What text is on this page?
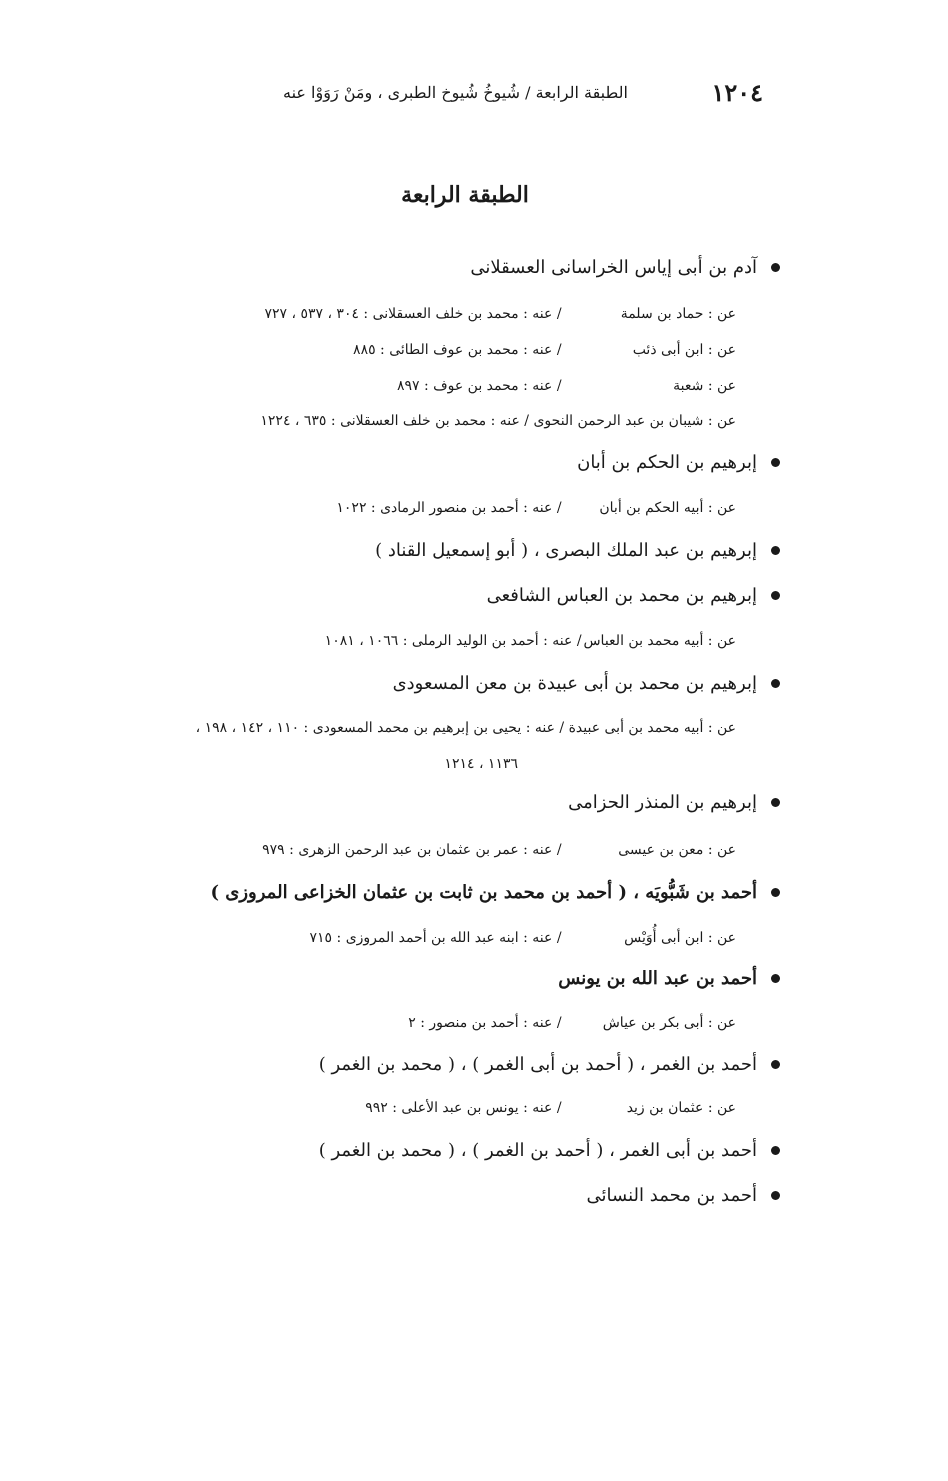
١٢٠٤
الطبقة الرابعة / شُيوخُ شُيوخ الطبرى ، ومَنْ رَوَوْا عنه
الطبقة الرابعة
آدم بن أبى إياس الخراسانى العسقلانى
عن : حماد بن سلمة / عنه : محمد بن خلف العسقلانى : ٣٠٤ ، ٥٣٧ ، ٧٢٧
عن : ابن أبى ذئب / عنه : محمد بن عوف الطائى : ٨٨٥
عن : شعبة / عنه : محمد بن عوف : ٨٩٧
عن : شيبان بن عبد الرحمن النحوى / عنه : محمد بن خلف العسقلانى : ٦٣٥ ، ١٢٢٤
إبرهيم بن الحكم بن أبان
عن : أبيه الحكم بن أبان / عنه : أحمد بن منصور الرمادى : ١٠٢٢
إبرهيم بن عبد الملك البصرى ، ( أبو إسمعيل القناد )
إبرهيم بن محمد بن العباس الشافعى
عن : أبيه محمد بن العباس / عنه : أحمد بن الوليد الرملى : ١٠٦٦ ، ١٠٨١
إبرهيم بن محمد بن أبى عبيدة بن معن المسعودى
عن : أبيه محمد بن أبى عبيدة / عنه : يحيى بن إبرهيم بن محمد المسعودى : ١١٠ ، ١٤٢ ، ١٩٨ ،
١١٣٦ ، ١٢١٤
إبرهيم بن المنذر الحزامى
عن : معن بن عيسى / عنه : عمر بن عثمان بن عبد الرحمن الزهرى : ٩٧٩
أحمد بن شَبُّويَه ، ( أحمد بن محمد بن ثابت بن عثمان الخزاعى المروزى )
عن : ابن أبى أُوَيْس / عنه : ابنه عبد الله بن أحمد المروزى : ٧١٥
أحمد بن عبد الله بن يونس
عن : أبى بكر بن عياش / عنه : أحمد بن منصور : ٢
أحمد بن الغمر ، ( أحمد بن أبى الغمر ) ، ( محمد بن الغمر )
عن : عثمان بن زيد / عنه : يونس بن عبد الأعلى : ٩٩٢
أحمد بن أبى الغمر ، ( أحمد بن الغمر ) ، ( محمد بن الغمر )
أحمد بن محمد النسائى
